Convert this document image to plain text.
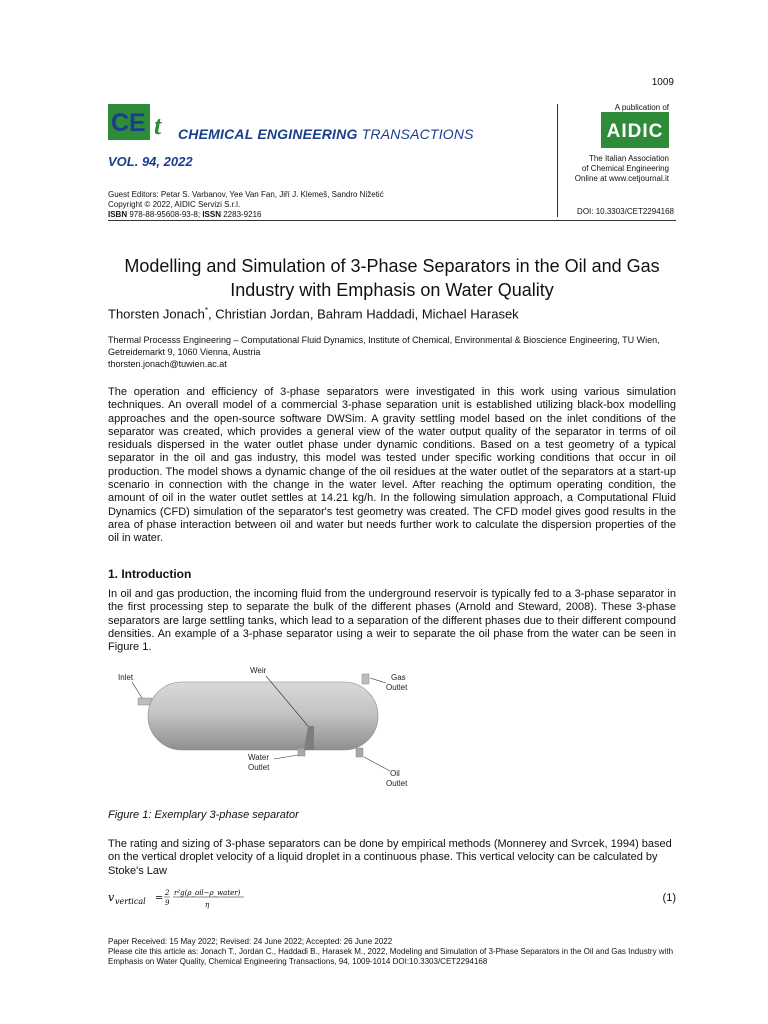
1009
CE t CHEMICAL ENGINEERING TRANSACTIONS
VOL. 94, 2022
A publication of
AIDIC
The Italian Association
of Chemical Engineering
Online at www.cetjournal.it
Guest Editors: Petar S. Varbanov, Yee Van Fan, Jiří J. Klemeš, Sandro Nižetić
Copyright © 2022, AIDIC Servizi S.r.l.
ISBN 978-88-95608-93-8; ISSN 2283-9216	DOI: 10.3303/CET2294168
Modelling and Simulation of 3-Phase Separators in the Oil and Gas Industry with Emphasis on Water Quality
Thorsten Jonach*, Christian Jordan, Bahram Haddadi, Michael Harasek
Thermal Processs Engineering – Computational Fluid Dynamics, Institute of Chemical, Environmental & Bioscience Engineering, TU Wien, Getreidemarkt 9, 1060 Vienna, Austria
thorsten.jonach@tuwien.ac.at
The operation and efficiency of 3-phase separators were investigated in this work using various simulation techniques. An overall model of a commercial 3-phase separation unit is established utilizing black-box modelling approaches and the open-source software DWSim. A gravity settling model based on the inlet conditions of the separator was created, which provides a general view of the water output quality of the separator in terms of oil residuals dispersed in the water outlet phase under dynamic conditions. Based on a test geometry of a typical separator in the oil and gas industry, this model was tested under specific working conditions that occur in oil production. The model shows a dynamic change of the oil residues at the water outlet of the separators at a start-up scenario in connection with the change in the water level. After reaching the optimum operating condition, the amount of oil in the water outlet settles at 14.21 kg/h. In the following simulation approach, a Computational Fluid Dynamics (CFD) simulation of the separator's test geometry was created. The CFD model gives good results in the area of phase interaction between oil and water but needs further work to calculate the dispersion properties of the oil in water.
1. Introduction
In oil and gas production, the incoming fluid from the underground reservoir is typically fed to a 3-phase separator in the first processing step to separate the bulk of the different phases (Arnold and Steward, 2008). These 3-phase separators are large settling tanks, which lead to a separation of the different phases due to their different compound densities. An example of a 3-phase separator using a weir to separate the oil phase from the water can be seen in Figure 1.
Inlet
Weir
Gas
Outlet
Water
Outlet
Oil
Outlet
Figure 1: Exemplary 3-phase separator
The rating and sizing of 3-phase separators can be done by empirical methods (Monnerey and Svrcek, 1994) based on the vertical droplet velocity of a liquid droplet in a continuous phase. This vertical velocity can be calculated by Stoke's Law
v vertical = 2
9
r²g(ρ_oil−ρ_water)
η
(1)
Paper Received: 15 May 2022; Revised: 24 June 2022; Accepted: 26 June 2022
Please cite this article as: Jonach T., Jordan C., Haddadi B., Harasek M., 2022, Modeling and Simulation of 3-Phase Separators in the Oil and Gas Industry with Emphasis on Water Quality, Chemical Engineering Transactions, 94, 1009-1014 DOI:10.3303/CET2294168
